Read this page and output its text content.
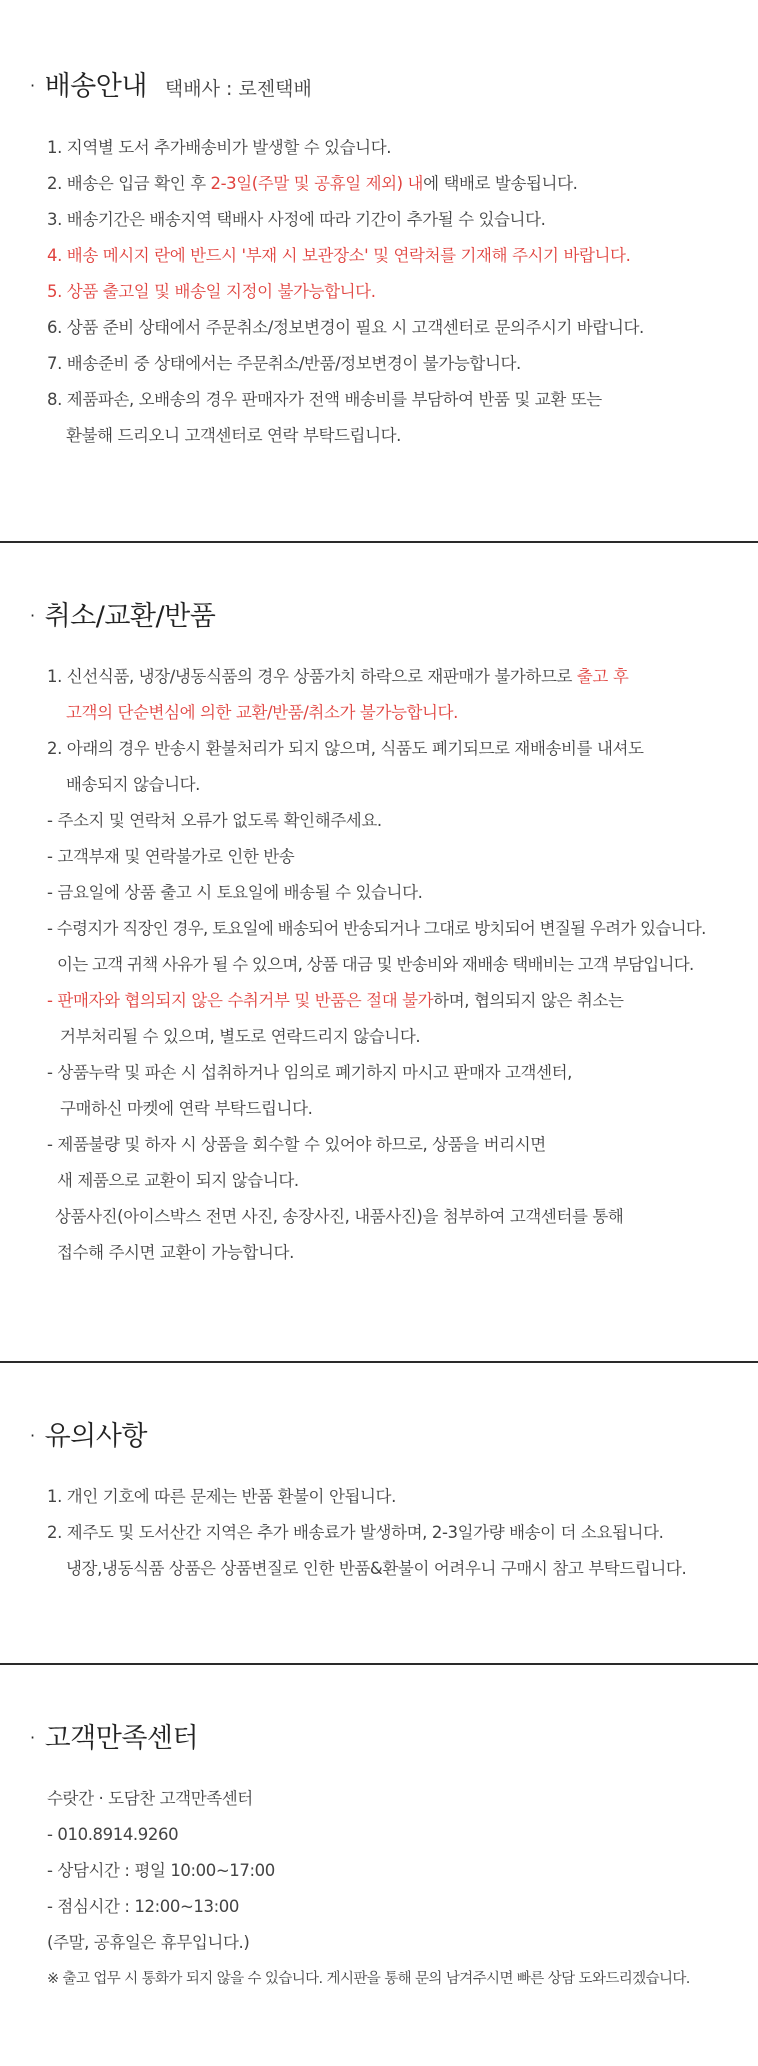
· 배송안내 택배사 : 로젠택배
1. 지역별 도서 추가배송비가 발생할 수 있습니다.
2. 배송은 입금 확인 후 2-3일(주말 및 공휴일 제외) 내에 택배로 발송됩니다.
3. 배송기간은 배송지역 택배사 사정에 따라 기간이 추가될 수 있습니다.
4. 배송 메시지 란에 반드시 '부재 시 보관장소' 및 연락처를 기재해 주시기 바랍니다.
5. 상품 출고일 및 배송일 지정이 불가능합니다.
6. 상품 준비 상태에서 주문취소/정보변경이 필요 시 고객센터로 문의주시기 바랍니다.
7. 배송준비 중 상태에서는 주문취소/반품/정보변경이 불가능합니다.
8. 제품파손, 오배송의 경우 판매자가 전액 배송비를 부담하여 반품 및 교환 또는
환불해 드리오니 고객센터로 연락 부탁드립니다.
· 취소/교환/반품
1. 신선식품, 냉장/냉동식품의 경우 상품가치 하락으로 재판매가 불가하므로 출고 후
고객의 단순변심에 의한 교환/반품/취소가 불가능합니다.
2. 아래의 경우 반송시 환불처리가 되지 않으며, 식품도 폐기되므로 재배송비를 내셔도
배송되지 않습니다.
- 주소지 및 연락처 오류가 없도록 확인해주세요.
- 고객부재 및 연락불가로 인한 반송
- 금요일에 상품 출고 시 토요일에 배송될 수 있습니다.
- 수령지가 직장인 경우, 토요일에 배송되어 반송되거나 그대로 방치되어 변질될 우려가 있습니다.
이는 고객 귀책 사유가 될 수 있으며, 상품 대금 및 반송비와 재배송 택배비는 고객 부담입니다.
- 판매자와 협의되지 않은 수취거부 및 반품은 절대 불가하며, 협의되지 않은 취소는
거부처리될 수 있으며, 별도로 연락드리지 않습니다.
- 상품누락 및 파손 시 섭취하거나 임의로 폐기하지 마시고 판매자 고객센터,
구매하신 마켓에 연락 부탁드립니다.
- 제품불량 및 하자 시 상품을 회수할 수 있어야 하므로, 상품을 버리시면
새 제품으로 교환이 되지 않습니다.
상품사진(아이스박스 전면 사진, 송장사진, 내품사진)을 첨부하여 고객센터를 통해
접수해 주시면 교환이 가능합니다.
· 유의사항
1. 개인 기호에 따른 문제는 반품 환불이 안됩니다.
2. 제주도 및 도서산간 지역은 추가 배송료가 발생하며, 2-3일가량 배송이 더 소요됩니다.
냉장,냉동식품 상품은 상품변질로 인한 반품&환불이 어려우니 구매시 참고 부탁드립니다.
· 고객만족센터
수랏간 · 도담찬 고객만족센터
- 010.8914.9260
- 상담시간 : 평일 10:00~17:00
- 점심시간 : 12:00~13:00
(주말, 공휴일은 휴무입니다.)
※ 출고 업무 시 통화가 되지 않을 수 있습니다. 게시판을 통해 문의 남겨주시면 빠른 상담 도와드리겠습니다.
